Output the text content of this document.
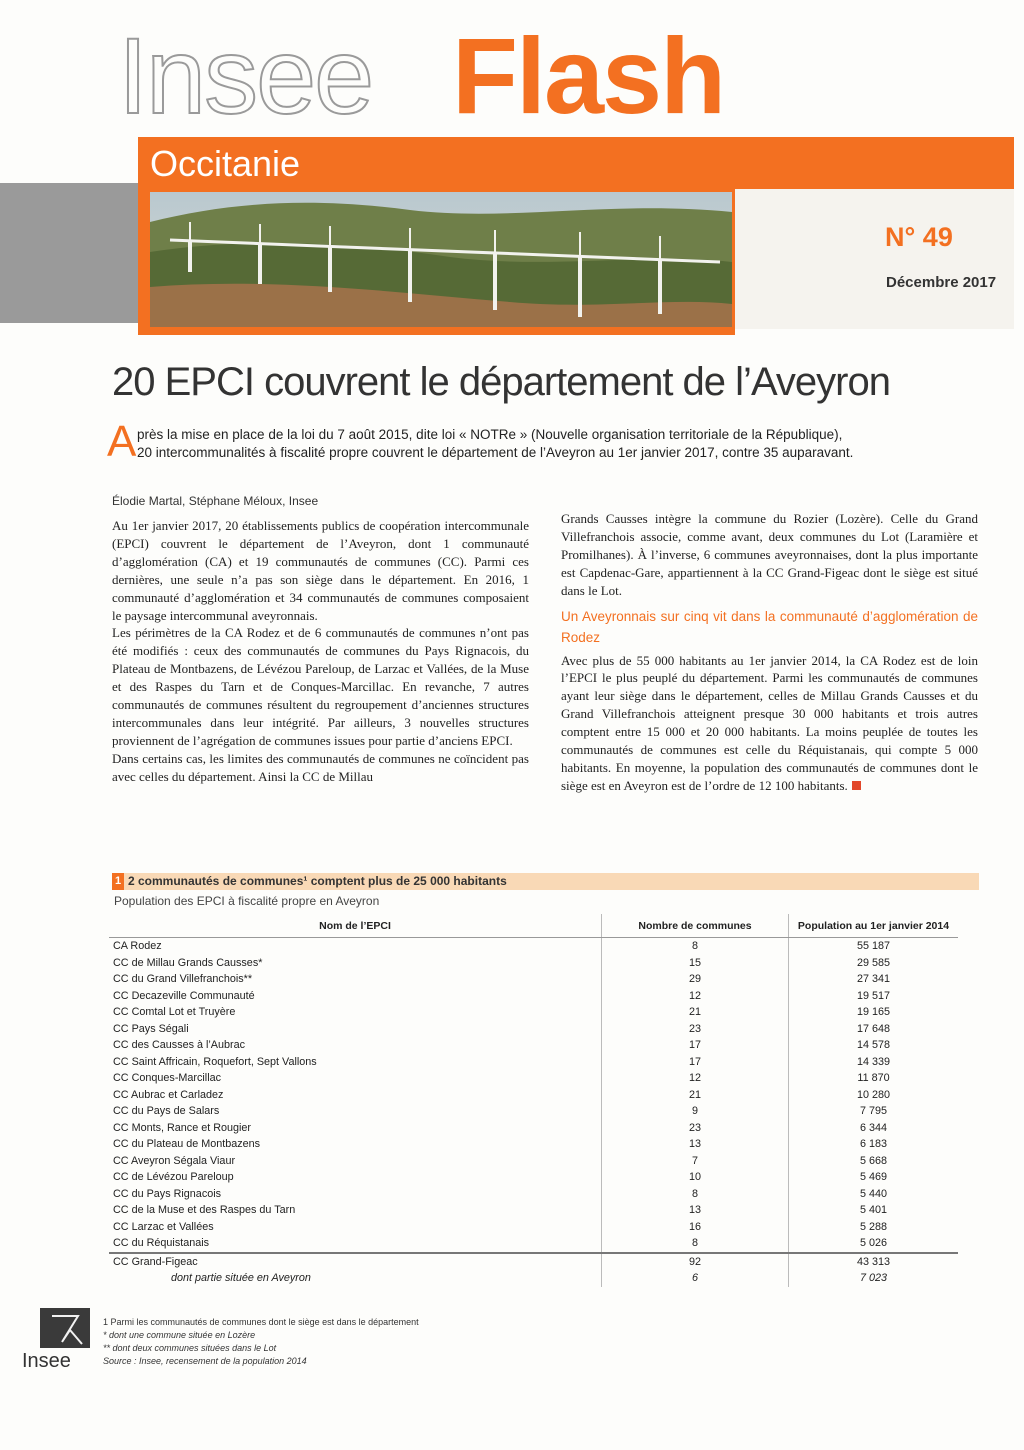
Insee Flash
Occitanie
N° 49
Décembre 2017
20 EPCI couvrent le département de l’Aveyron
A près la mise en place de la loi du 7 août 2015, dite loi « NOTRe » (Nouvelle organisation territoriale de la République),
20 intercommunalités à fiscalité propre couvrent le département de l’Aveyron au 1er janvier 2017, contre 35 auparavant.
Élodie Martal, Stéphane Méloux, Insee

Au 1er janvier 2017, 20 établissements publics de coopération intercommunale (EPCI) couvrent le département de l’Aveyron, dont 1 communauté d’agglomération (CA) et 19 communautés de communes (CC). Parmi ces dernières, une seule n’a pas son siège dans le département. En 2016, 1 communauté d’agglomération et 34 communautés de communes composaient le paysage intercommunal aveyronnais.

Les périmètres de la CA Rodez et de 6 communautés de communes n’ont pas été modifiés : ceux des communautés de communes du Pays Rignacois, du Plateau de Montbazens, de Lévézou Pareloup, de Larzac et Vallées, de la Muse et des Raspes du Tarn et de Conques-Marcillac. En revanche, 7 autres communautés de communes résultent du regroupement d’anciennes structures intercommunales dans leur intégrité. Par ailleurs, 3 nouvelles structures proviennent de l’agrégation de communes issues pour partie d’anciens EPCI.

Dans certains cas, les limites des communautés de communes ne coïncident pas avec celles du département. Ainsi la CC de Millau

Grands Causses intègre la commune du Rozier (Lozère). Celle du Grand Villefranchois associe, comme avant, deux communes du Lot (Laramière et Promilhanes). À l’inverse, 6 communes aveyronnaises, dont la plus importante est Capdenac-Gare, appartiennent à la CC Grand-Figeac dont le siège est situé dans le Lot.

Un Aveyronnais sur cinq vit dans la communauté d’agglomération de Rodez

Avec plus de 55 000 habitants au 1er janvier 2014, la CA Rodez est de loin l’EPCI le plus peuplé du département. Parmi les communautés de communes ayant leur siège dans le département, celles de Millau Grands Causses et du Grand Villefranchois atteignent presque 30 000 habitants et trois autres comptent entre 15 000 et 20 000 habitants. La moins peuplée de toutes les communautés de communes est celle du Réquistanais, qui compte 5 000 habitants. En moyenne, la population des communautés de communes dont le siège est en Aveyron est de l’ordre de 12 100 habitants.

1 2 communautés de communes¹ comptent plus de 25 000 habitants
Population des EPCI à fiscalité propre en Aveyron
Nom de l’EPCI	Nombre de communes	Population au 1er janvier 2014
CA Rodez	8	55 187
CC de Millau Grands Causses*	15	29 585
CC du Grand Villefranchois**	29	27 341
CC Decazeville Communauté	12	19 517
CC Comtal Lot et Truyère	21	19 165
CC Pays Ségali	23	17 648
CC des Causses à l’Aubrac	17	14 578
CC Saint Affricain, Roquefort, Sept Vallons	17	14 339
CC Conques-Marcillac	12	11 870
CC Aubrac et Carladez	21	10 280
CC du Pays de Salars	9	7 795
CC Monts, Rance et Rougier	23	6 344
CC du Plateau de Montbazens	13	6 183
CC Aveyron Ségala Viaur	7	5 668
CC de Lévézou Pareloup	10	5 469
CC du Pays Rignacois	8	5 440
CC de la Muse et des Raspes du Tarn	13	5 401
CC Larzac et Vallées	16	5 288
CC du Réquistanais	8	5 026
CC Grand-Figeac	92	43 313
dont partie située en Aveyron	6	7 023
1 Parmi les communautés de communes dont le siège est dans le département
* dont une commune située en Lozère
** dont deux communes situées dans le Lot
Source : Insee, recensement de la population 2014
Insee
